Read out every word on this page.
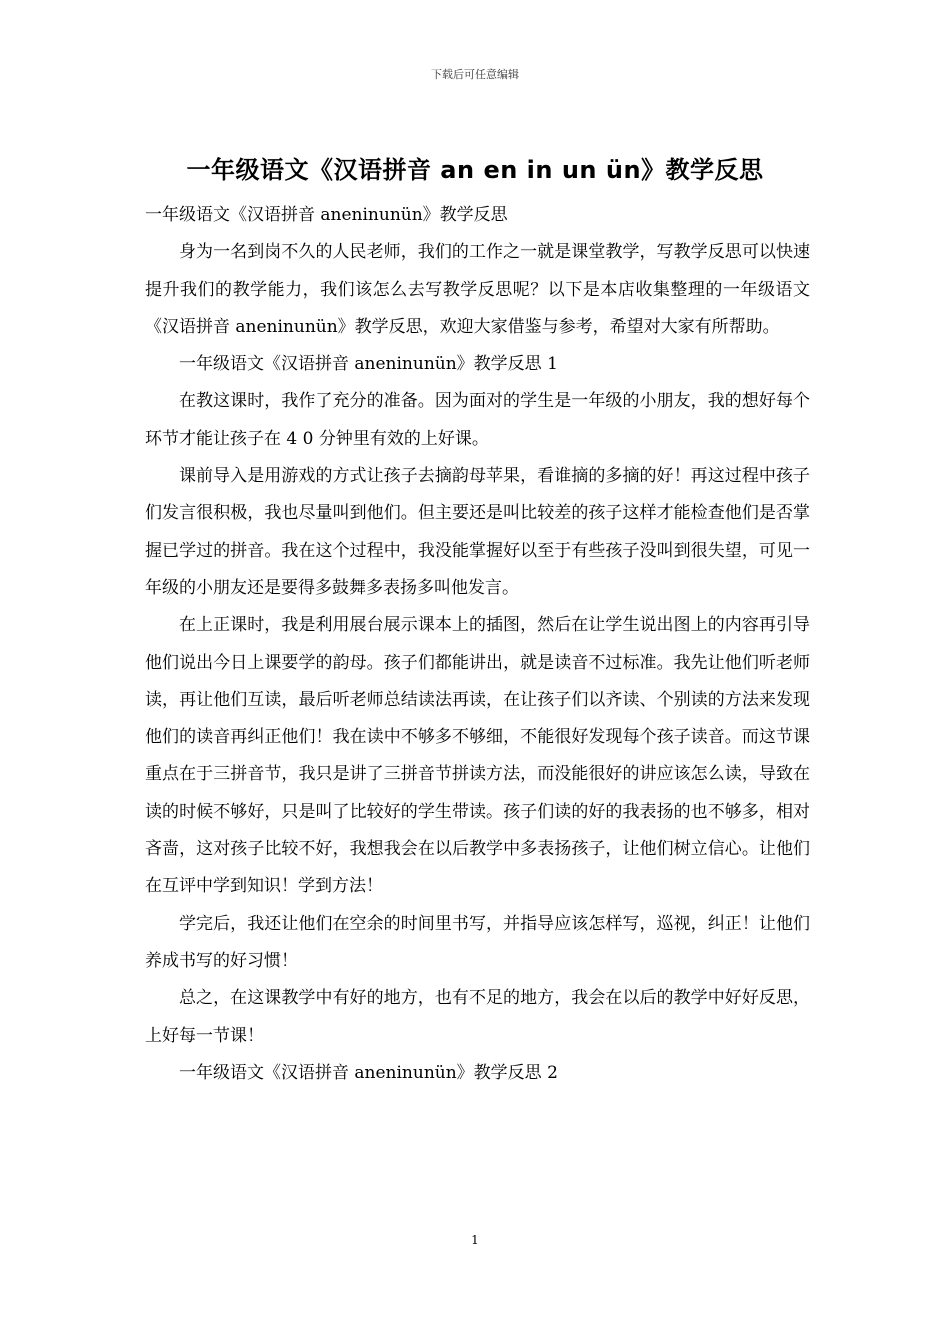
下载后可任意编辑
一年级语文《汉语拼音 an en in un ün》教学反思

一年级语文《汉语拼音 aneninunün》教学反思

身为一名到岗不久的人民老师，我们的工作之一就是课堂教学，写教学反思可以快速提升我们的教学能力，我们该怎么去写教学反思呢？以下是本店收集整理的一年级语文《汉语拼音 aneninunün》教学反思，欢迎大家借鉴与参考，希望对大家有所帮助。

一年级语文《汉语拼音 aneninunün》教学反思 1

在教这课时，我作了充分的准备。因为面对的学生是一年级的小朋友，我的想好每个环节才能让孩子在 4 0 分钟里有效的上好课。

课前导入是用游戏的方式让孩子去摘韵母苹果，看谁摘的多摘的好！再这过程中孩子们发言很积极，我也尽量叫到他们。但主要还是叫比较差的孩子这样才能检查他们是否掌握已学过的拼音。我在这个过程中，我没能掌握好以至于有些孩子没叫到很失望，可见一年级的小朋友还是要得多鼓舞多表扬多叫他发言。

在上正课时，我是利用展台展示课本上的插图，然后在让学生说出图上的内容再引导他们说出今日上课要学的韵母。孩子们都能讲出，就是读音不过标准。我先让他们听老师读，再让他们互读，最后听老师总结读法再读，在让孩子们以齐读、个别读的方法来发现他们的读音再纠正他们！我在读中不够多不够细，不能很好发现每个孩子读音。而这节课重点在于三拼音节，我只是讲了三拼音节拼读方法，而没能很好的讲应该怎么读，导致在读的时候不够好，只是叫了比较好的学生带读。孩子们读的好的我表扬的也不够多，相对吝啬，这对孩子比较不好，我想我会在以后教学中多表扬孩子，让他们树立信心。让他们在互评中学到知识！学到方法！

学完后，我还让他们在空余的时间里书写，并指导应该怎样写，巡视，纠正！让他们养成书写的好习惯！

总之，在这课教学中有好的地方，也有不足的地方，我会在以后的教学中好好反思，上好每一节课！

一年级语文《汉语拼音 aneninunün》教学反思 2

1
